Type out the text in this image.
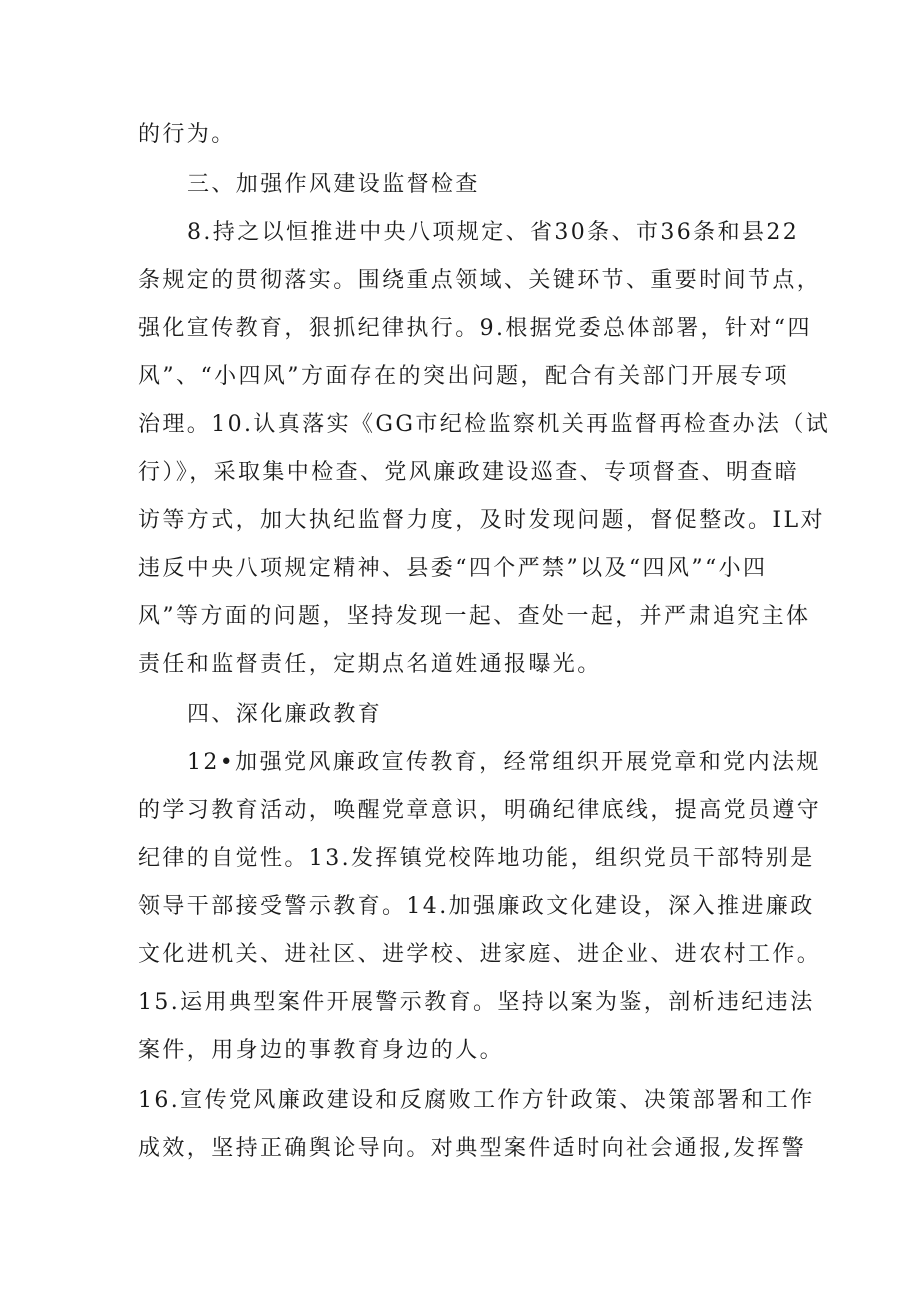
的行为。
三、加强作风建设监督检查
8.持之以恒推进中央八项规定、省30条、市36条和县22
条规定的贯彻落实。围绕重点领域、关键环节、重要时间节点，
强化宣传教育，狠抓纪律执行。9.根据党委总体部署，针对“四
风”、“小四风”方面存在的突出问题，配合有关部门开展专项
治理。10.认真落实《GG市纪检监察机关再监督再检查办法（试
行）》，采取集中检查、党风廉政建设巡查、专项督查、明查暗
访等方式，加大执纪监督力度，及时发现问题，督促整改。IL对
违反中央八项规定精神、县委“四个严禁”以及“四风”“小四
风”等方面的问题，坚持发现一起、查处一起，并严肃追究主体
责任和监督责任，定期点名道姓通报曝光。
四、深化廉政教育
12•加强党风廉政宣传教育，经常组织开展党章和党内法规
的学习教育活动，唤醒党章意识，明确纪律底线，提高党员遵守
纪律的自觉性。13.发挥镇党校阵地功能，组织党员干部特别是
领导干部接受警示教育。14.加强廉政文化建设，深入推进廉政
文化进机关、进社区、进学校、进家庭、进企业、进农村工作。
15.运用典型案件开展警示教育。坚持以案为鉴，剖析违纪违法
案件，用身边的事教育身边的人。
16.宣传党风廉政建设和反腐败工作方针政策、决策部署和工作
成效，坚持正确舆论导向。对典型案件适时向社会通报,发挥警
